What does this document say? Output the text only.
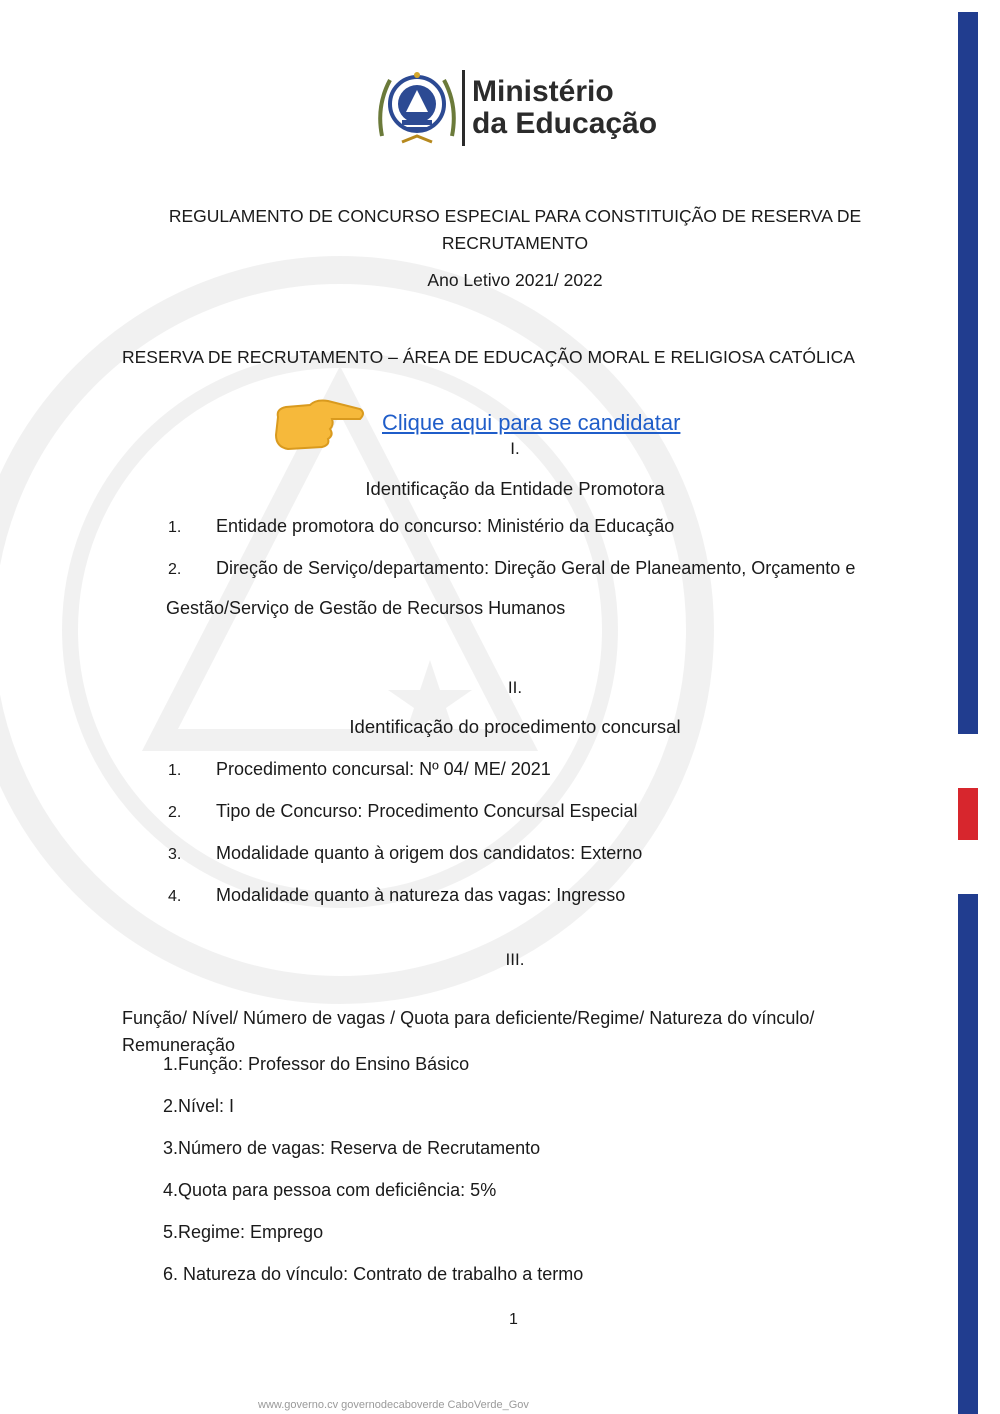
Ministério
da Educação

REGULAMENTO DE CONCURSO ESPECIAL PARA CONSTITUIÇÃO DE RESERVA DE RECRUTAMENTO

Ano Letivo 2021/ 2022

RESERVA DE RECRUTAMENTO – ÁREA DE EDUCAÇÃO MORAL E RELIGIOSA CATÓLICA

Clique aqui para se candidatar

I.

Identificação da Entidade Promotora

1. Entidade promotora do concurso: Ministério da Educação
2. Direção de Serviço/departamento: Direção Geral de Planeamento, Orçamento e

Gestão/Serviço de Gestão de Recursos Humanos

II.

Identificação do procedimento concursal

1. Procedimento concursal: Nº 04/ ME/ 2021
2. Tipo de Concurso: Procedimento Concursal Especial
3. Modalidade quanto à origem dos candidatos: Externo
4. Modalidade quanto à natureza das vagas: Ingresso

III.

Função/ Nível/ Número de vagas / Quota para deficiente/Regime/ Natureza do vínculo/ Remuneração

1.Função: Professor do Ensino Básico

2.Nível: I

3.Número de vagas: Reserva de Recrutamento

4.Quota para pessoa com deficiência: 5%

5.Regime: Emprego

6. Natureza do vínculo: Contrato de trabalho a termo

1

www.governo.cv governodecaboverde CaboVerde_Gov
